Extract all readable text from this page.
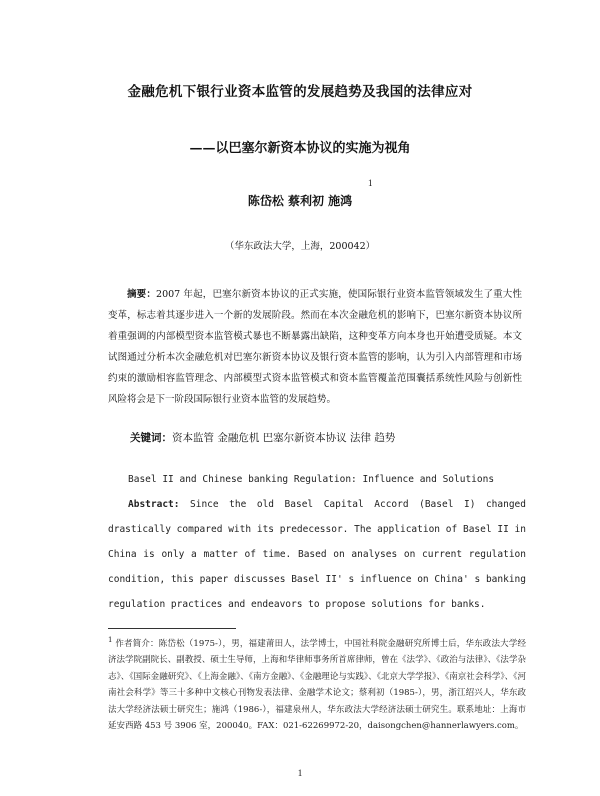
金融危机下银行业资本监管的发展趋势及我国的法律应对
——以巴塞尔新资本协议的实施为视角
陈岱松 蔡利初 施鸿
1
（华东政法大学，上海，200042）

摘要：2007 年起，巴塞尔新资本协议的正式实施，使国际银行业资本监管领域发生了重大性变革，标志着其逐步进入一个新的发展阶段。然而在本次金融危机的影响下，巴塞尔新资本协议所着重强调的内部模型资本监管模式暴也不断暴露出缺陷，这种变革方向本身也开始遭受质疑。本文试图通过分析本次金融危机对巴塞尔新资本协议及银行资本监管的影响，认为引入内部管理和市场约束的激励相容监管理念、内部模型式资本监管模式和资本监管覆盖范围囊括系统性风险与创新性风险将会是下一阶段国际银行业资本监管的发展趋势。

关键词：资本监管 金融危机 巴塞尔新资本协议 法律 趋势
Basel II and Chinese banking Regulation: Influence and Solutions

Abstract: Since the old Basel Capital Accord (Basel I) changed drastically compared with its predecessor. The application of Basel II in China is only a matter of time. Based on analyses on current regulation condition, this paper discusses Basel II' s influence on China' s banking regulation practices and endeavors to propose solutions for banks.

$^1$ 作者简介：陈岱松（1975-），男，福建莆田人，法学博士，中国社科院金融研究所博士后，华东政法大学经济法学院副院长、副教授、硕士生导师，上海和华律师事务所首席律师，曾在《法学》、《政治与法律》、《法学杂志》、《国际金融研究》、《上海金融》、《南方金融》、《金融理论与实践》、《北京大学学报》、《南京社会科学》、《河南社会科学》等三十多种中文核心刊物发表法律、金融学术论文；蔡利初（1985-），男，浙江绍兴人，华东政法大学经济法硕士研究生；施鸿（1986-），福建泉州人，华东政法大学经济法硕士研究生。联系地址：上海市延安西路 453 号 3906 室，200040。FAX：021-62269972-20，daisongchen@hannerlawyers.com。
1
